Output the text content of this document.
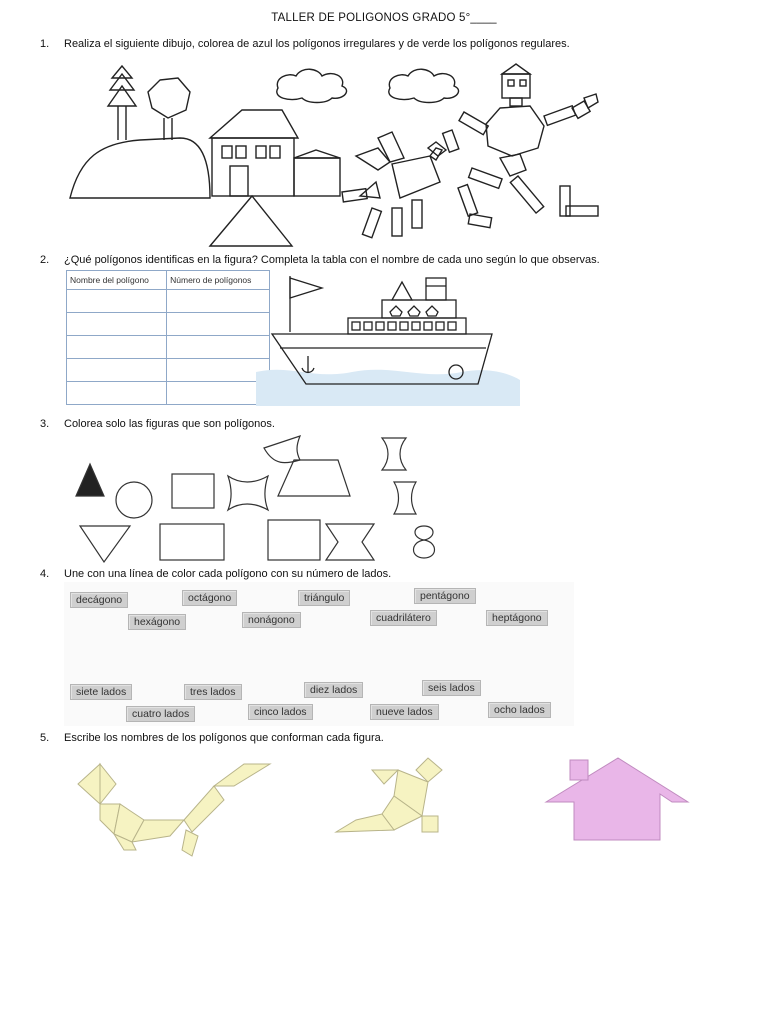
TALLER DE POLIGONOS GRADO 5°____
1. Realiza el siguiente dibujo, colorea de azul los polígonos irregulares y de verde los polígonos regulares.
2. ¿Qué polígonos identificas en la figura? Completa la tabla con el nombre de cada uno según lo que observas.
Nombre del polígono	Número de polígonos

3. Colorea solo las figuras que son polígonos.
4. Une con una línea de color cada polígono con su número de lados.
decágono	octágono	triángulo	pentágono
hexágono	nonágono	cuadrilátero	heptágono
siete lados	tres lados	diez lados	seis lados
cuatro lados	cinco lados	nueve lados	ocho lados
5. Escribe los nombres de los polígonos que conforman cada figura.
